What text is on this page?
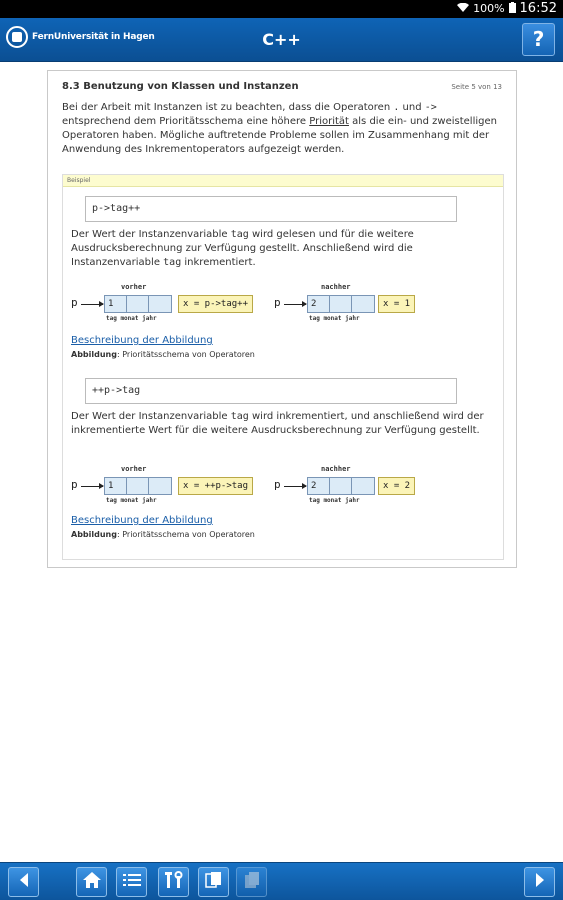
100% 16:52
FernUniversität in Hagen	C++	?
8.3 Benutzung von Klassen und Instanzen	Seite 5 von 13
Bei der Arbeit mit Instanzen ist zu beachten, dass die Operatoren . und -> entsprechend dem Prioritätsschema eine höhere Priorität als die ein- und zweistelligen Operatoren haben. Mögliche auftretende Probleme sollen im Zusammenhang mit der Anwendung des Inkrementoperators aufgezeigt werden.
Beispiel
p->tag++
Der Wert der Instanzenvariable tag wird gelesen und für die weitere Ausdrucksberechnung zur Verfügung gestellt. Anschließend wird die Instanzenvariable tag inkrementiert.
vorher
p	1
tag monat jahr
x = p->tag++
nachher
p	2
tag monat jahr
x = 1
Beschreibung der Abbildung
Abbildung: Prioritätsschema von Operatoren
++p->tag
Der Wert der Instanzenvariable tag wird inkrementiert, und anschließend wird der inkrementierte Wert für die weitere Ausdrucksberechnung zur Verfügung gestellt.
vorher
p	1
tag monat jahr
x = ++p->tag
nachher
p	2
tag monat jahr
x = 2
Beschreibung der Abbildung
Abbildung: Prioritätsschema von Operatoren
